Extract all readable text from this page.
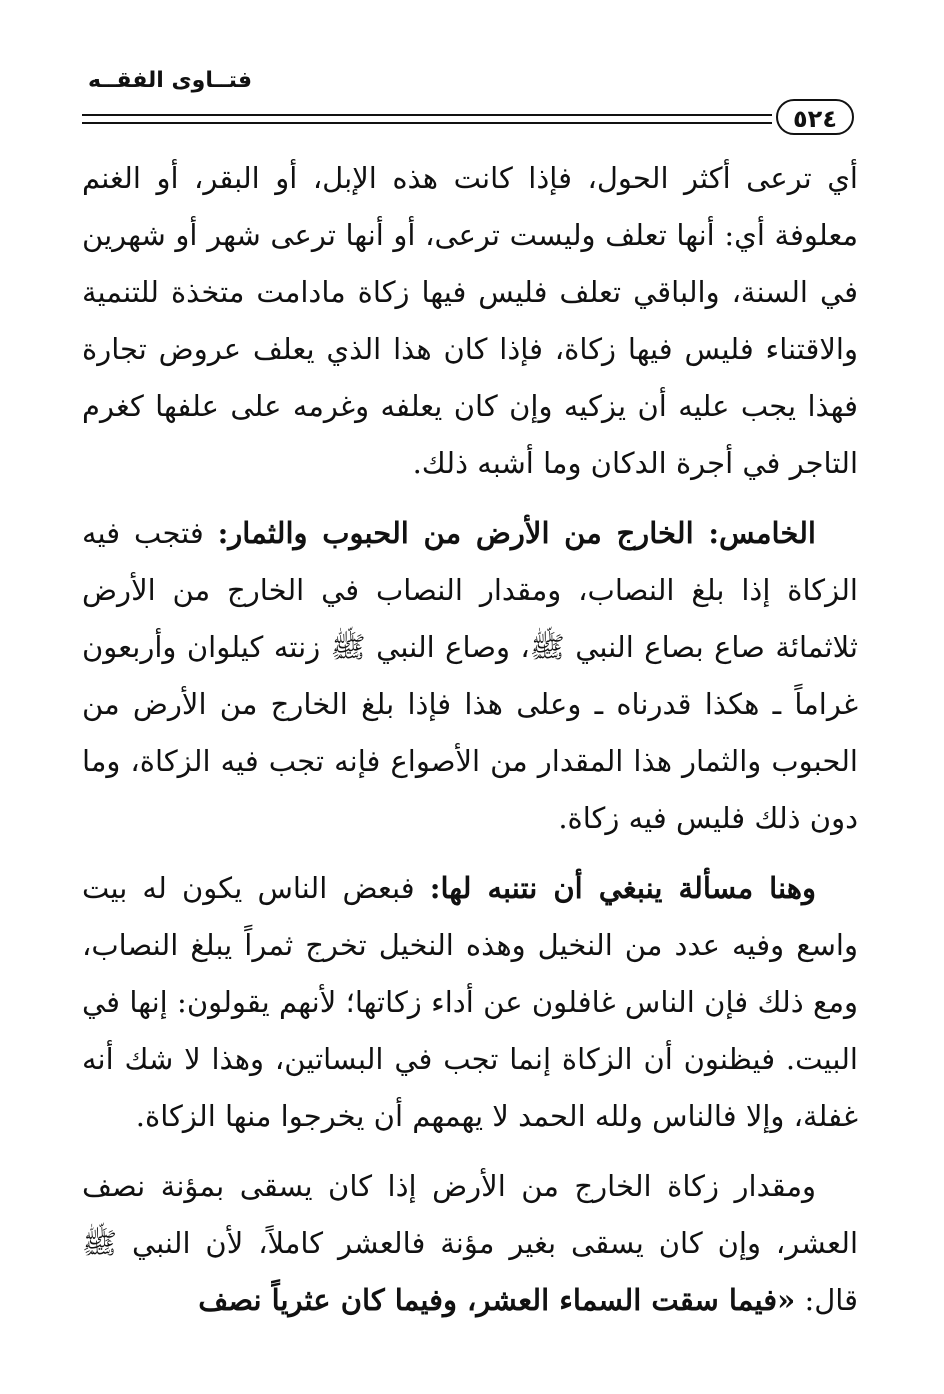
فتــاوى الفقــه
٥٢٤

أي ترعى أكثر الحول، فإذا كانت هذه الإبل، أو البقر، أو الغنم معلوفة أي: أنها تعلف وليست ترعى، أو أنها ترعى شهر أو شهرين في السنة، والباقي تعلف فليس فيها زكاة مادامت متخذة للتنمية والاقتناء فليس فيها زكاة، فإذا كان هذا الذي يعلف عروض تجارة فهذا يجب عليه أن يزكيه وإن كان يعلفه وغرمه على علفها كغرم التاجر في أجرة الدكان وما أشبه ذلك.

الخامس: الخارج من الأرض من الحبوب والثمار: فتجب فيه الزكاة إذا بلغ النصاب، ومقدار النصاب في الخارج من الأرض ثلاثمائة صاع بصاع النبي ﷺ، وصاع النبي ﷺ زنته كيلوان وأربعون غراماً ـ هكذا قدرناه ـ وعلى هذا فإذا بلغ الخارج من الأرض من الحبوب والثمار هذا المقدار من الأصواع فإنه تجب فيه الزكاة، وما دون ذلك فليس فيه زكاة.

وهنا مسألة ينبغي أن نتنبه لها: فبعض الناس يكون له بيت واسع وفيه عدد من النخيل وهذه النخيل تخرج ثمراً يبلغ النصاب، ومع ذلك فإن الناس غافلون عن أداء زكاتها؛ لأنهم يقولون: إنها في البيت. فيظنون أن الزكاة إنما تجب في البساتين، وهذا لا شك أنه غفلة، وإلا فالناس ولله الحمد لا يهمهم أن يخرجوا منها الزكاة.

ومقدار زكاة الخارج من الأرض إذا كان يسقى بمؤنة نصف العشر، وإن كان يسقى بغير مؤنة فالعشر كاملاً، لأن النبي ﷺ قال: «فيما سقت السماء العشر، وفيما كان عثرياً نصف
